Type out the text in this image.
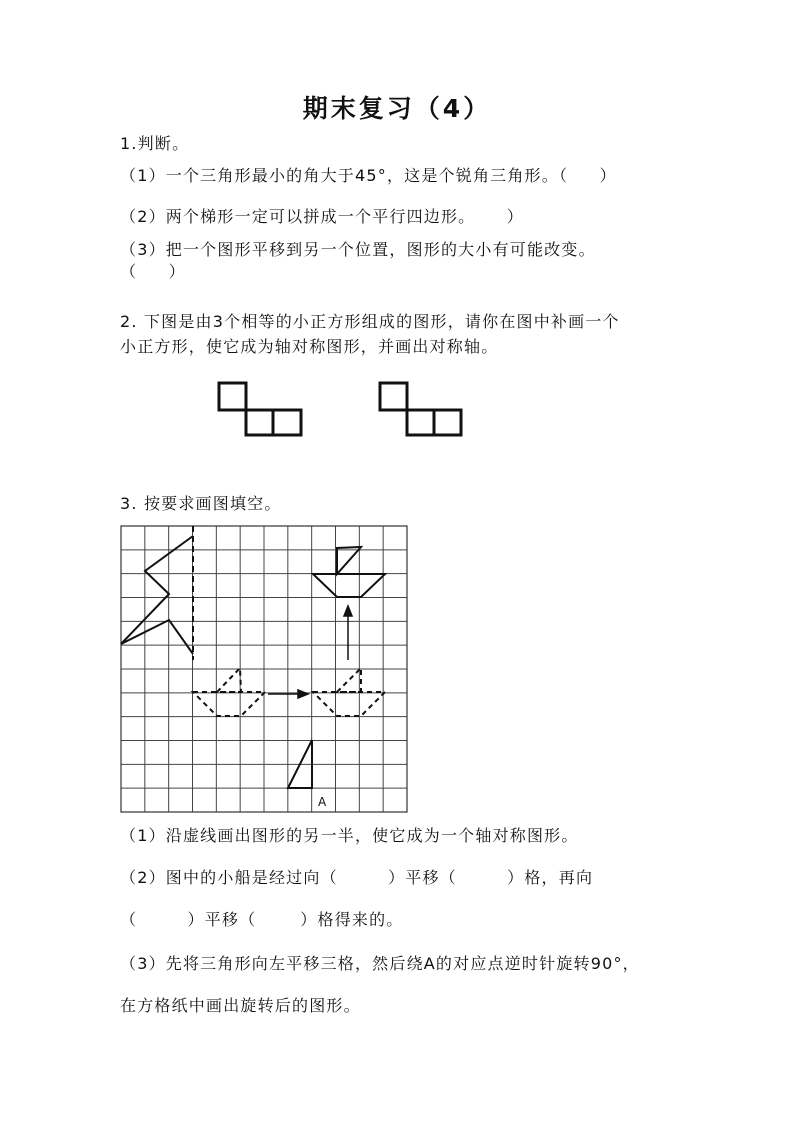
期末复习（4）
1.判断。
（1）一个三角形最小的角大于45°，这是个锐角三角形。（     ）
（2）两个梯形一定可以拼成一个平行四边形。     ）
（3）把一个图形平移到另一个位置，图形的大小有可能改变。
（     ）
2. 下图是由3个相等的小正方形组成的图形，请你在图中补画一个
小正方形，使它成为轴对称图形，并画出对称轴。
3. 按要求画图填空。
（1）沿虚线画出图形的另一半，使它成为一个轴对称图形。
（2）图中的小船是经过向（        ）平移（        ）格，再向
（        ）平移（       ）格得来的。
（3）先将三角形向左平移三格，然后绕A的对应点逆时针旋转90°，
在方格纸中画出旋转后的图形。
A
